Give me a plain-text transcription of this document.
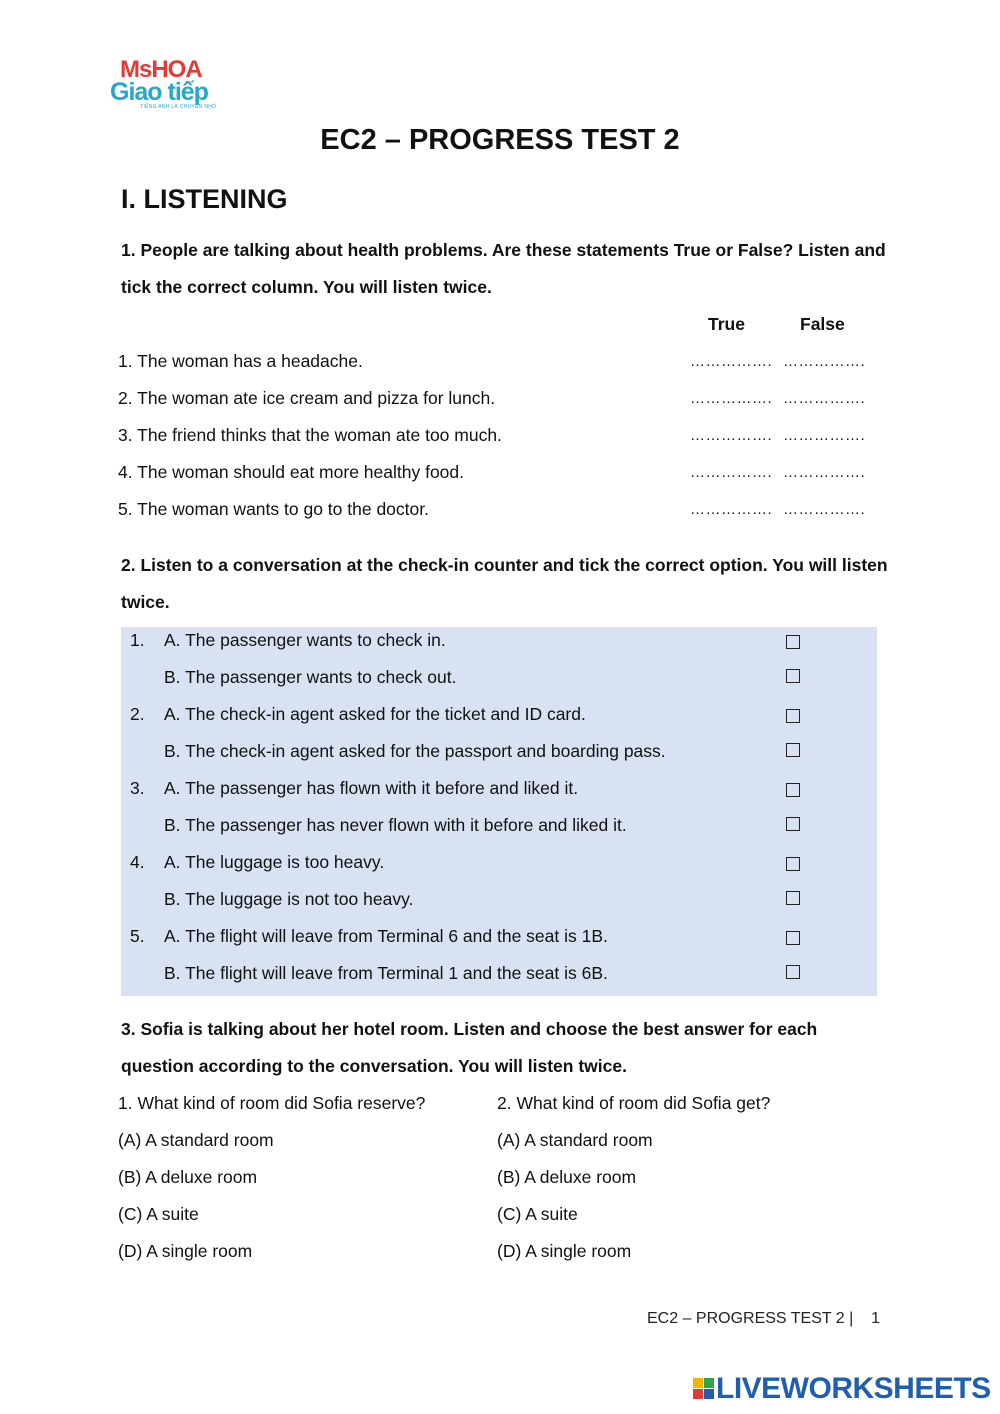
MsHOA
Giao tiếp
TIẾNG ANH LÀ CHUYỆN NHỎ
EC2 – PROGRESS TEST 2
I. LISTENING
1. People are talking about health problems. Are these statements True or False? Listen and tick the correct column. You will listen twice.
True	False
1. The woman has a headache.
2. The woman ate ice cream and pizza for lunch.
3. The friend thinks that the woman ate too much.
4. The woman should eat more healthy food.
5. The woman wants to go to the doctor.
……………. …………….
……………. …………….
……………. …………….
……………. …………….
……………. …………….
2. Listen to a conversation at the check-in counter and tick the correct option. You will listen twice.
1. A. The passenger wants to check in.
B. The passenger wants to check out.
2. A. The check-in agent asked for the ticket and ID card.
B. The check-in agent asked for the passport and boarding pass.
3. A. The passenger has flown with it before and liked it.
B. The passenger has never flown with it before and liked it.
4. A. The luggage is too heavy.
B. The luggage is not too heavy.
5. A. The flight will leave from Terminal 6 and the seat is 1B.
B. The flight will leave from Terminal 1 and the seat is 6B.
3. Sofia is talking about her hotel room. Listen and choose the best answer for each question according to the conversation. You will listen twice.
1. What kind of room did Sofia reserve?
(A) A standard room
(B) A deluxe room
(C) A suite
(D) A single room
2. What kind of room did Sofia get?
(A) A standard room
(B) A deluxe room
(C) A suite
(D) A single room
EC2 – PROGRESS TEST 2 | 1
LIVEWORKSHEETS
